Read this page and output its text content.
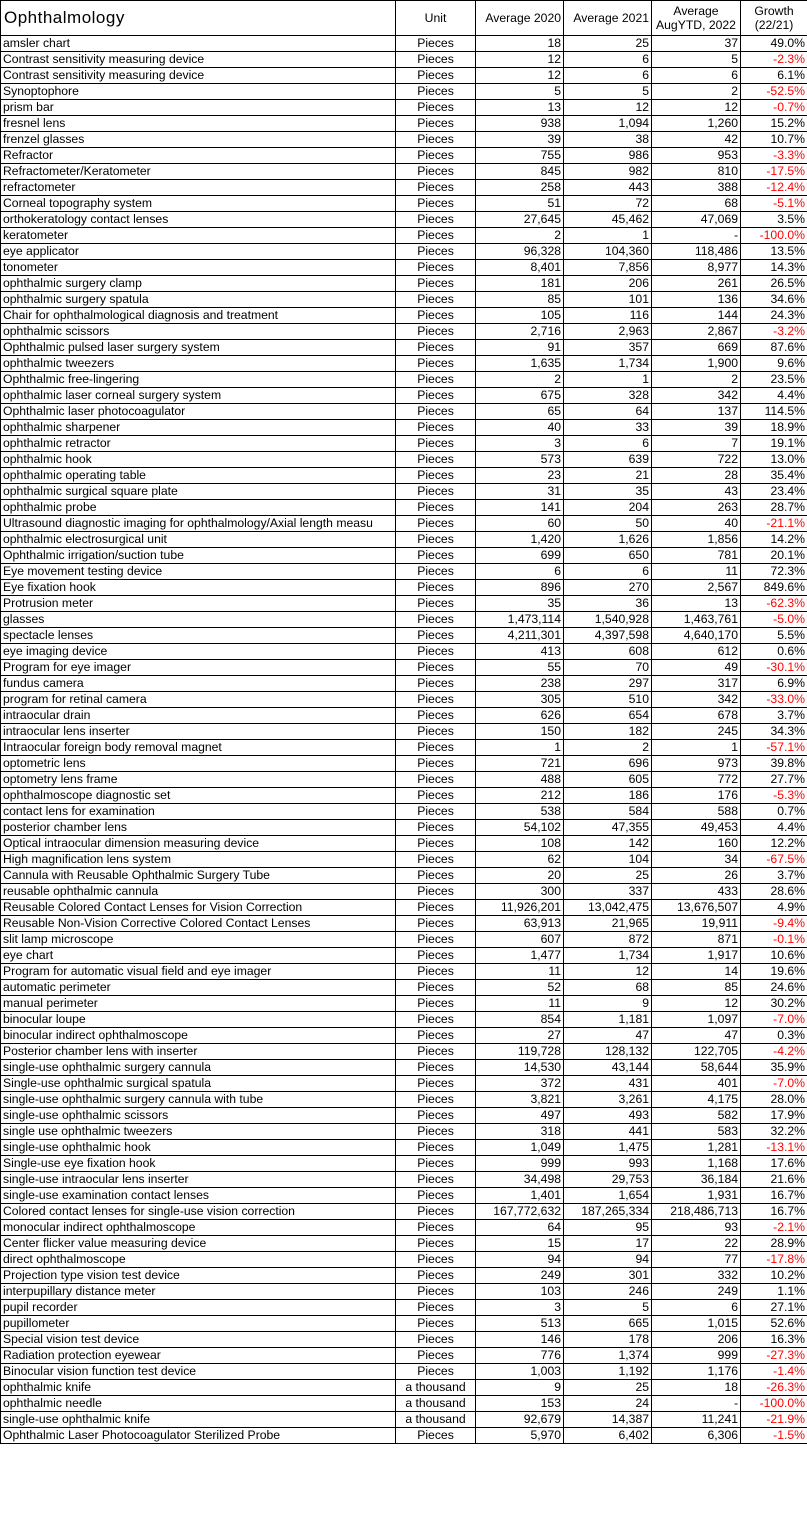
Ophthalmology	Unit	Average 2020	Average 2021	Average AugYTD, 2022	Growth (22/21)
amsler chart	Pieces	18	25	37	49.0%
Contrast sensitivity measuring device	Pieces	12	6	5	-2.3%
Contrast sensitivity measuring device	Pieces	12	6	6	6.1%
Synoptophore	Pieces	5	5	2	-52.5%
prism bar	Pieces	13	12	12	-0.7%
fresnel lens	Pieces	938	1,094	1,260	15.2%
frenzel glasses	Pieces	39	38	42	10.7%
Refractor	Pieces	755	986	953	-3.3%
Refractometer/Keratometer	Pieces	845	982	810	-17.5%
refractometer	Pieces	258	443	388	-12.4%
Corneal topography system	Pieces	51	72	68	-5.1%
orthokeratology contact lenses	Pieces	27,645	45,462	47,069	3.5%
keratometer	Pieces	2	1	-	-100.0%
eye applicator	Pieces	96,328	104,360	118,486	13.5%
tonometer	Pieces	8,401	7,856	8,977	14.3%
ophthalmic surgery clamp	Pieces	181	206	261	26.5%
ophthalmic surgery spatula	Pieces	85	101	136	34.6%
Chair for ophthalmological diagnosis and treatment	Pieces	105	116	144	24.3%
ophthalmic scissors	Pieces	2,716	2,963	2,867	-3.2%
Ophthalmic pulsed laser surgery system	Pieces	91	357	669	87.6%
ophthalmic tweezers	Pieces	1,635	1,734	1,900	9.6%
Ophthalmic free-lingering	Pieces	2	1	2	23.5%
ophthalmic laser corneal surgery system	Pieces	675	328	342	4.4%
Ophthalmic laser photocoagulator	Pieces	65	64	137	114.5%
ophthalmic sharpener	Pieces	40	33	39	18.9%
ophthalmic retractor	Pieces	3	6	7	19.1%
ophthalmic hook	Pieces	573	639	722	13.0%
ophthalmic operating table	Pieces	23	21	28	35.4%
ophthalmic surgical square plate	Pieces	31	35	43	23.4%
ophthalmic probe	Pieces	141	204	263	28.7%
Ultrasound diagnostic imaging for ophthalmology/Axial length measu	Pieces	60	50	40	-21.1%
ophthalmic electrosurgical unit	Pieces	1,420	1,626	1,856	14.2%
Ophthalmic irrigation/suction tube	Pieces	699	650	781	20.1%
Eye movement testing device	Pieces	6	6	11	72.3%
Eye fixation hook	Pieces	896	270	2,567	849.6%
Protrusion meter	Pieces	35	36	13	-62.3%
glasses	Pieces	1,473,114	1,540,928	1,463,761	-5.0%
spectacle lenses	Pieces	4,211,301	4,397,598	4,640,170	5.5%
eye imaging device	Pieces	413	608	612	0.6%
Program for eye imager	Pieces	55	70	49	-30.1%
fundus camera	Pieces	238	297	317	6.9%
program for retinal camera	Pieces	305	510	342	-33.0%
intraocular drain	Pieces	626	654	678	3.7%
intraocular lens inserter	Pieces	150	182	245	34.3%
Intraocular foreign body removal magnet	Pieces	1	2	1	-57.1%
optometric lens	Pieces	721	696	973	39.8%
optometry lens frame	Pieces	488	605	772	27.7%
ophthalmoscope diagnostic set	Pieces	212	186	176	-5.3%
contact lens for examination	Pieces	538	584	588	0.7%
posterior chamber lens	Pieces	54,102	47,355	49,453	4.4%
Optical intraocular dimension measuring device	Pieces	108	142	160	12.2%
High magnification lens system	Pieces	62	104	34	-67.5%
Cannula with Reusable Ophthalmic Surgery Tube	Pieces	20	25	26	3.7%
reusable ophthalmic cannula	Pieces	300	337	433	28.6%
Reusable Colored Contact Lenses for Vision Correction	Pieces	11,926,201	13,042,475	13,676,507	4.9%
Reusable Non-Vision Corrective Colored Contact Lenses	Pieces	63,913	21,965	19,911	-9.4%
slit lamp microscope	Pieces	607	872	871	-0.1%
eye chart	Pieces	1,477	1,734	1,917	10.6%
Program for automatic visual field and eye imager	Pieces	11	12	14	19.6%
automatic perimeter	Pieces	52	68	85	24.6%
manual perimeter	Pieces	11	9	12	30.2%
binocular loupe	Pieces	854	1,181	1,097	-7.0%
binocular indirect ophthalmoscope	Pieces	27	47	47	0.3%
Posterior chamber lens with inserter	Pieces	119,728	128,132	122,705	-4.2%
single-use ophthalmic surgery cannula	Pieces	14,530	43,144	58,644	35.9%
Single-use ophthalmic surgical spatula	Pieces	372	431	401	-7.0%
single-use ophthalmic surgery cannula with tube	Pieces	3,821	3,261	4,175	28.0%
single-use ophthalmic scissors	Pieces	497	493	582	17.9%
single use ophthalmic tweezers	Pieces	318	441	583	32.2%
single-use ophthalmic hook	Pieces	1,049	1,475	1,281	-13.1%
Single-use eye fixation hook	Pieces	999	993	1,168	17.6%
single-use intraocular lens inserter	Pieces	34,498	29,753	36,184	21.6%
single-use examination contact lenses	Pieces	1,401	1,654	1,931	16.7%
Colored contact lenses for single-use vision correction	Pieces	167,772,632	187,265,334	218,486,713	16.7%
monocular indirect ophthalmoscope	Pieces	64	95	93	-2.1%
Center flicker value measuring device	Pieces	15	17	22	28.9%
direct ophthalmoscope	Pieces	94	94	77	-17.8%
Projection type vision test device	Pieces	249	301	332	10.2%
interpupillary distance meter	Pieces	103	246	249	1.1%
pupil recorder	Pieces	3	5	6	27.1%
pupillometer	Pieces	513	665	1,015	52.6%
Special vision test device	Pieces	146	178	206	16.3%
Radiation protection eyewear	Pieces	776	1,374	999	-27.3%
Binocular vision function test device	Pieces	1,003	1,192	1,176	-1.4%
ophthalmic knife	a thousand	9	25	18	-26.3%
ophthalmic needle	a thousand	153	24	-	-100.0%
single-use ophthalmic knife	a thousand	92,679	14,387	11,241	-21.9%
Ophthalmic Laser Photocoagulator Sterilized Probe	Pieces	5,970	6,402	6,306	-1.5%
